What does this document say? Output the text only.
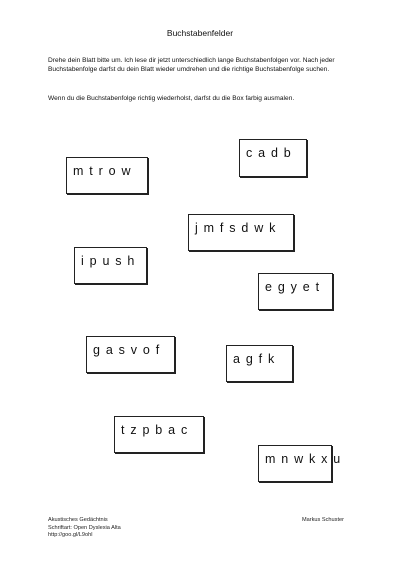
Buchstabenfelder

Drehe dein Blatt bitte um. Ich lese dir jetzt unterschiedlich lange Buchstabenfolgen vor. Nach jeder Buchstabenfolge darfst du dein Blatt wieder umdrehen und die richtige Buchstabenfolge suchen.

Wenn du die Buchstabenfolge richtig wiederholst, darfst du die Box farbig ausmalen.

c a d b
m t r o w
j m f s d w k
i p u s h
e g y e t
g a s v o f
a g f k
t z p b a c
m n w k x u
Akustisches Gedächtnis
Schriftart: Open Dyslexia Alta
http://goo.gl/L9ohl
Markus Schuster
